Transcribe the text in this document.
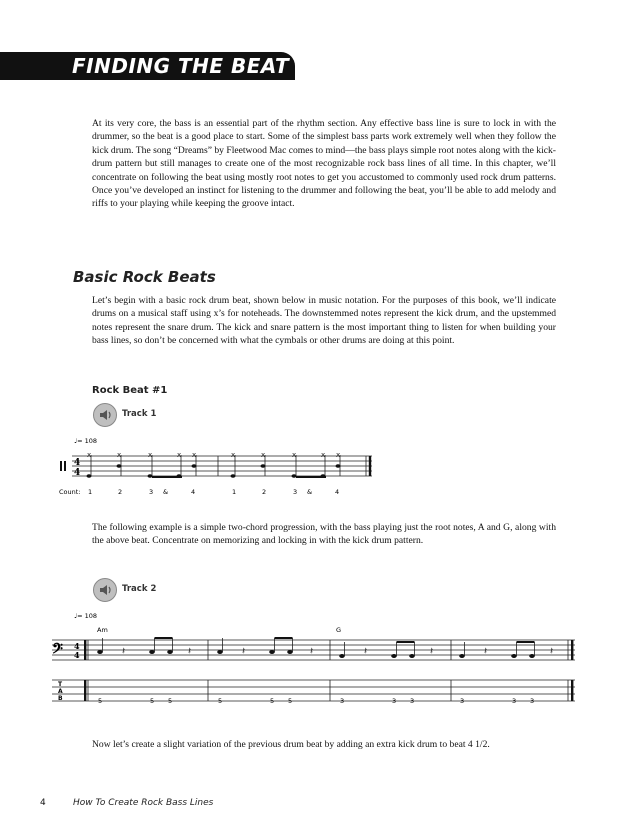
FINDING THE BEAT

At its very core, the bass is an essential part of the rhythm section. Any effective bass line is sure to lock in with the drummer, so the beat is a good place to start. Some of the simplest bass parts work extremely well when they follow the kick drum. The song “Dreams” by Fleetwood Mac comes to mind—the bass plays simple root notes along with the kick-drum pattern but still manages to create one of the most recognizable rock bass lines of all time. In this chapter, we’ll concentrate on following the beat using mostly root notes to get you accustomed to commonly used rock drum patterns. Once you’ve developed an instinct for listening to the drummer and following the beat, you’ll be able to add melody and riffs to your playing while keeping the groove intact.

Basic Rock Beats

Let’s begin with a basic rock drum beat, shown below in music notation. For the purposes of this book, we’ll indicate drums on a musical staff using x’s for noteheads. The downstemmed notes represent the kick drum, and the upstemmed notes represent the snare drum. The kick and snare pattern is the most important thing to listen for when building your bass lines, so don’t be concerned with what the cymbals or other drums are doing at this point.

Rock Beat #1
Track 1
♩= 108
4
4
x	x	x	x x	x	x	x	x x
Count: 1	2	3 &	4	1	2	3 &	4

The following example is a simple two-chord progression, with the bass playing just the root notes, A and G, along with the above beat. Concentrate on memorizing and locking in with the kick drum pattern.

Track 2
♩= 108
Am	G
𝄢 4
4	𝄽	𝄽	𝄽	𝄽	𝄽	𝄽	𝄽	𝄽
T
A
B	5	5 5	5	5 5	3	3 3	3	3 3

Now let’s create a slight variation of the previous drum beat by adding an extra kick drum to beat 4 1/2.

4	How To Create Rock Bass Lines
